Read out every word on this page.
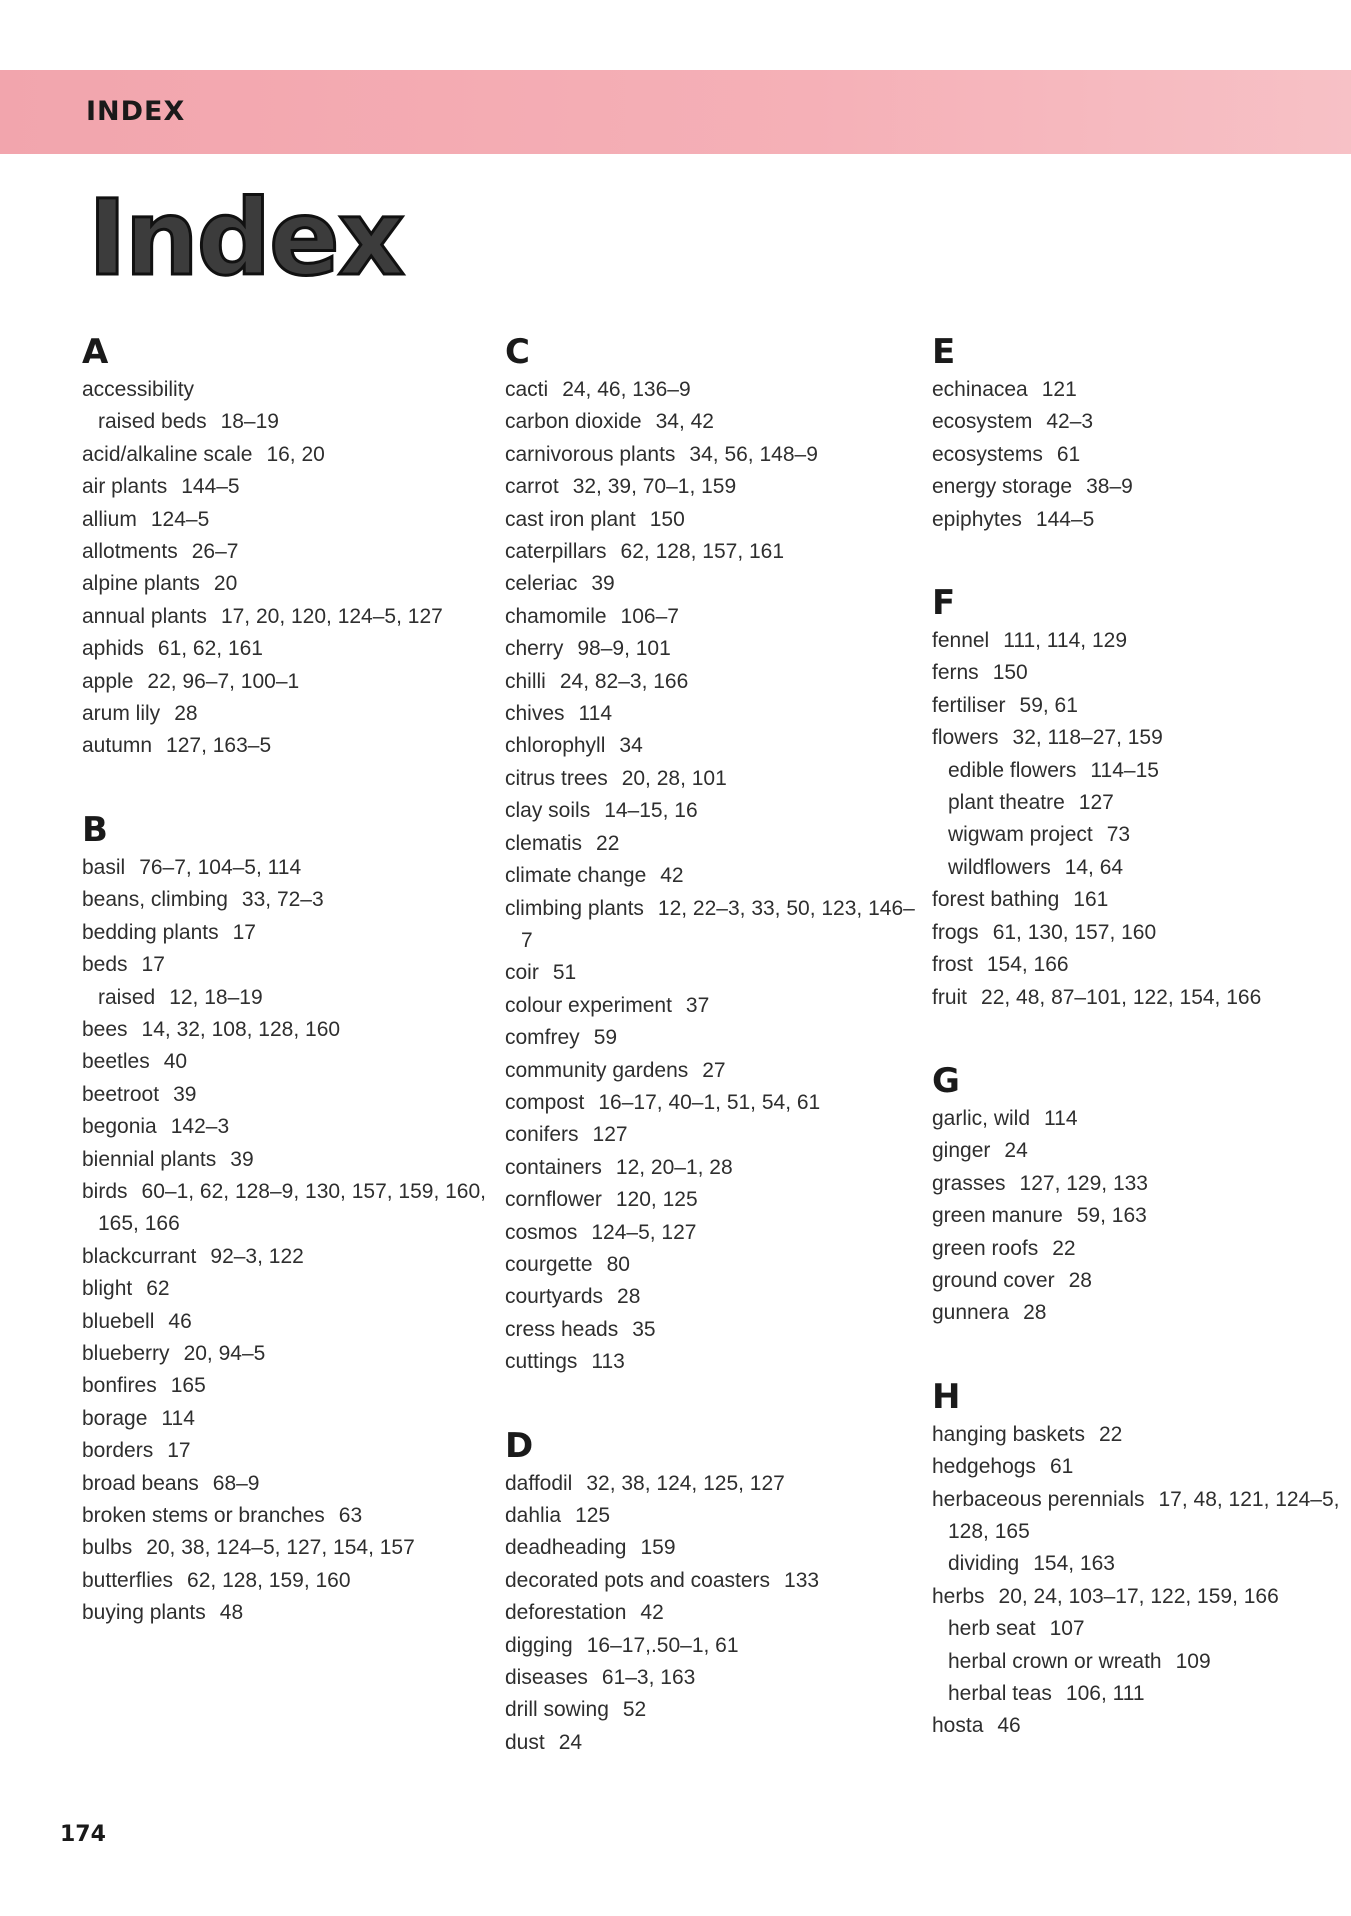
INDEX
Index
A
accessibility
raised beds 18–19
acid/alkaline scale 16, 20
air plants 144–5
allium 124–5
allotments 26–7
alpine plants 20
annual plants 17, 20, 120, 124–5, 127
aphids 61, 62, 161
apple 22, 96–7, 100–1
arum lily 28
autumn 127, 163–5
B
basil 76–7, 104–5, 114
beans, climbing 33, 72–3
bedding plants 17
beds 17
raised 12, 18–19
bees 14, 32, 108, 128, 160
beetles 40
beetroot 39
begonia 142–3
biennial plants 39
birds 60–1, 62, 128–9, 130, 157, 159, 160, 165, 166
blackcurrant 92–3, 122
blight 62
bluebell 46
blueberry 20, 94–5
bonfires 165
borage 114
borders 17
broad beans 68–9
broken stems or branches 63
bulbs 20, 38, 124–5, 127, 154, 157
butterflies 62, 128, 159, 160
buying plants 48
C
cacti 24, 46, 136–9
carbon dioxide 34, 42
carnivorous plants 34, 56, 148–9
carrot 32, 39, 70–1, 159
cast iron plant 150
caterpillars 62, 128, 157, 161
celeriac 39
chamomile 106–7
cherry 98–9, 101
chilli 24, 82–3, 166
chives 114
chlorophyll 34
citrus trees 20, 28, 101
clay soils 14–15, 16
clematis 22
climate change 42
climbing plants 12, 22–3, 33, 50, 123, 146–7
coir 51
colour experiment 37
comfrey 59
community gardens 27
compost 16–17, 40–1, 51, 54, 61
conifers 127
containers 12, 20–1, 28
cornflower 120, 125
cosmos 124–5, 127
courgette 80
courtyards 28
cress heads 35
cuttings 113
D
daffodil 32, 38, 124, 125, 127
dahlia 125
deadheading 159
decorated pots and coasters 133
deforestation 42
digging 16–17,.50–1, 61
diseases 61–3, 163
drill sowing 52
dust 24
E
echinacea 121
ecosystem 42–3
ecosystems 61
energy storage 38–9
epiphytes 144–5
F
fennel 111, 114, 129
ferns 150
fertiliser 59, 61
flowers 32, 118–27, 159
edible flowers 114–15
plant theatre 127
wigwam project 73
wildflowers 14, 64
forest bathing 161
frogs 61, 130, 157, 160
frost 154, 166
fruit 22, 48, 87–101, 122, 154, 166
G
garlic, wild 114
ginger 24
grasses 127, 129, 133
green manure 59, 163
green roofs 22
ground cover 28
gunnera 28
H
hanging baskets 22
hedgehogs 61
herbaceous perennials 17, 48, 121, 124–5, 128, 165
dividing 154, 163
herbs 20, 24, 103–17, 122, 159, 166
herb seat 107
herbal crown or wreath 109
herbal teas 106, 111
hosta 46
174
